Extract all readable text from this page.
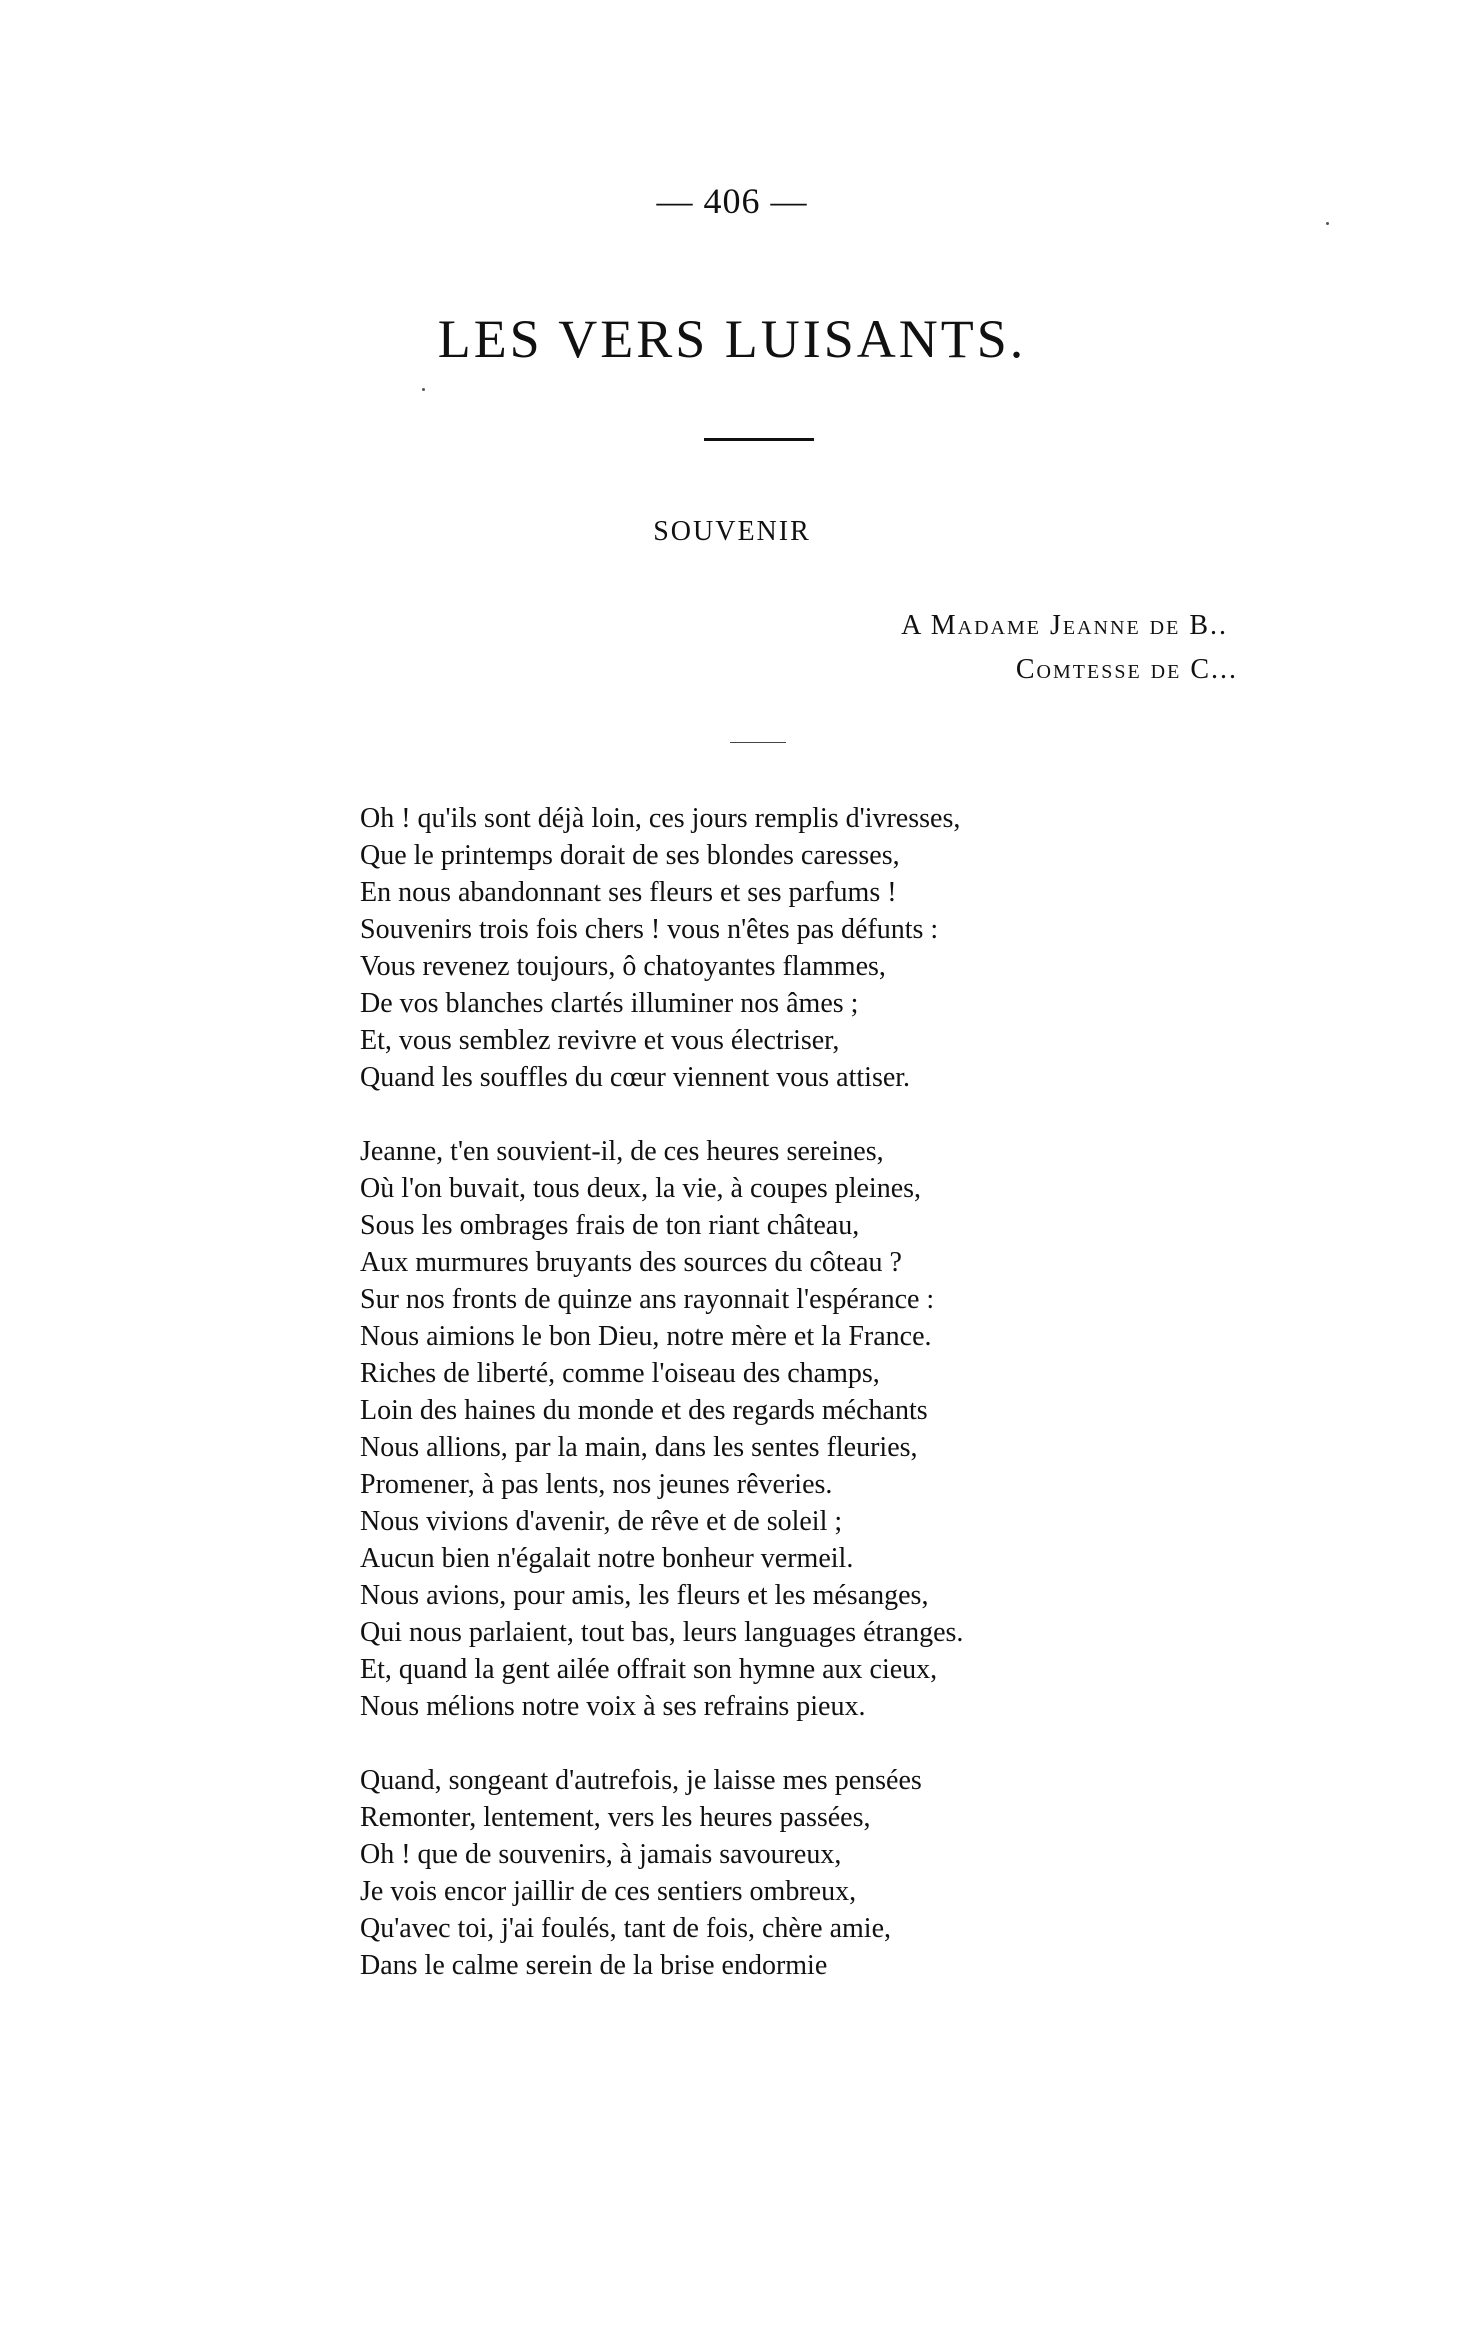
— 406 —
LES VERS LUISANTS.
SOUVENIR
A Madame Jeanne de B..
Comtesse de C...
Oh ! qu'ils sont déjà loin, ces jours remplis d'ivresses,
Que le printemps dorait de ses blondes caresses,
En nous abandonnant ses fleurs et ses parfums !
Souvenirs trois fois chers ! vous n'êtes pas défunts :
Vous revenez toujours, ô chatoyantes flammes,
De vos blanches clartés illuminer nos âmes ;
Et, vous semblez revivre et vous électriser,
Quand les souffles du cœur viennent vous attiser.
Jeanne, t'en souvient-il, de ces heures sereines,
Où l'on buvait, tous deux, la vie, à coupes pleines,
Sous les ombrages frais de ton riant château,
Aux murmures bruyants des sources du côteau ?
Sur nos fronts de quinze ans rayonnait l'espérance :
Nous aimions le bon Dieu, notre mère et la France.
Riches de liberté, comme l'oiseau des champs,
Loin des haines du monde et des regards méchants
Nous allions, par la main, dans les sentes fleuries,
Promener, à pas lents, nos jeunes rêveries.
Nous vivions d'avenir, de rêve et de soleil ;
Aucun bien n'égalait notre bonheur vermeil.
Nous avions, pour amis, les fleurs et les mésanges,
Qui nous parlaient, tout bas, leurs languages étranges.
Et, quand la gent ailée offrait son hymne aux cieux,
Nous mélions notre voix à ses refrains pieux.
Quand, songeant d'autrefois, je laisse mes pensées
Remonter, lentement, vers les heures passées,
Oh ! que de souvenirs, à jamais savoureux,
Je vois encor jaillir de ces sentiers ombreux,
Qu'avec toi, j'ai foulés, tant de fois, chère amie,
Dans le calme serein de la brise endormie
